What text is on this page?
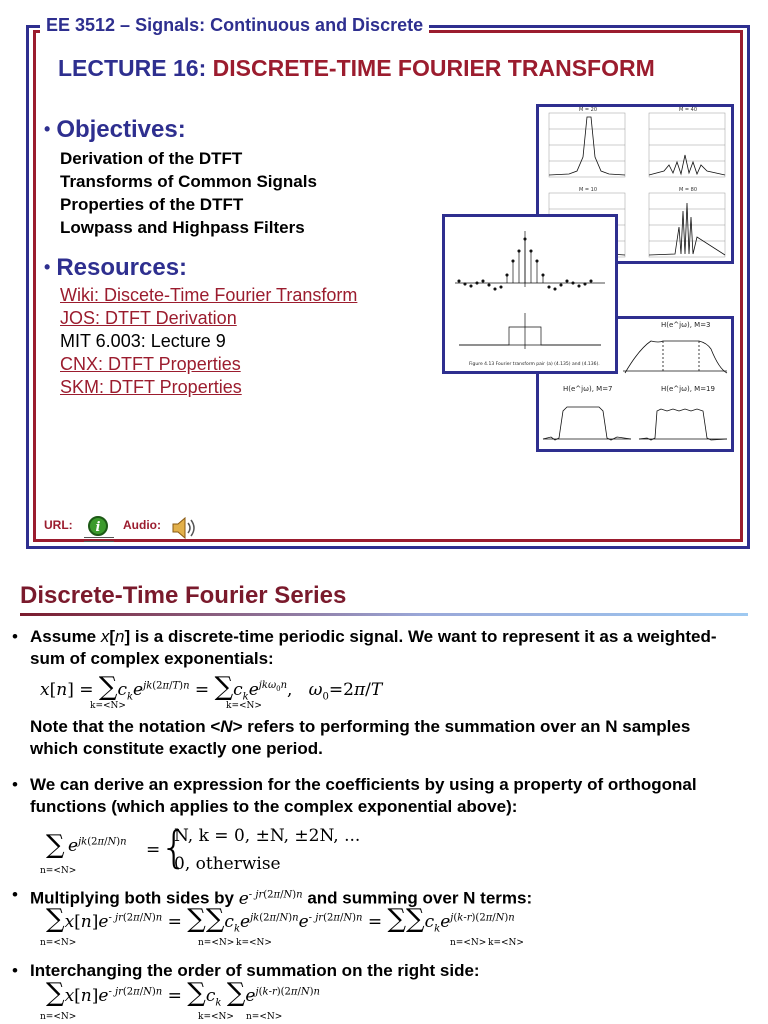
EE 3512 – Signals: Continuous and Discrete
LECTURE 16: DISCRETE-TIME FOURIER TRANSFORM
• Objectives:
Derivation of the DTFT
Transforms of Common Signals
Properties of the DTFT
Lowpass and Highpass Filters
• Resources:
Wiki: Discete-Time Fourier Transform
JOS: DTFT Derivation
MIT 6.003: Lecture 9
CNX: DTFT Properties
SKM: DTFT Properties
URL:	i	Audio:
M = 20	M = 40
M = 10	M = 80
H(e^jω), M=3
H(e^jω), M=7	H(e^jω), M=19
Figure 4.13 Fourier transform pair (a) (4.135) and (4.136).
Discrete-Time Fourier Series
• Assume x[n] is a discrete-time periodic signal. We want to represent it as a weighted-sum of complex exponentials:
$x[n] = \sum c_ke^{jk(2\pi/T)n} = \sum c_ke^{jk\omega_0n}$,   $\omega_0=2\pi/T$
k=<N>	k=<N>
Note that the notation <N> refers to performing the summation over an N samples which constitute exactly one period.
• We can derive an expression for the coefficients by using a property of orthogonal functions (which applies to the complex exponential above):
∑ $e^{jk(2\pi/N)n}$ = {
N, k = 0, ±N, ±2N, ...
0, otherwise
n=<N>
• Multiplying both sides by $e^{- jr(2\pi/N)n}$ and summing over N terms:
$\sum x[n]e^{- jr(2\pi/N)n} = \sum\sum c_ke^{jk(2\pi/N)n}e^{- jr(2\pi/N)n} = \sum\sum c_ke^{j(k-r)(2\pi/N)n}$
n=<N>	n=<N> k=<N>	n=<N> k=<N>
• Interchanging the order of summation on the right side:
$\sum x[n]e^{- jr(2\pi/N)n} = \sum c_k$ $\sum e^{j(k-r)(2\pi/N)n}$
n=<N>	k=<N> n=<N>
